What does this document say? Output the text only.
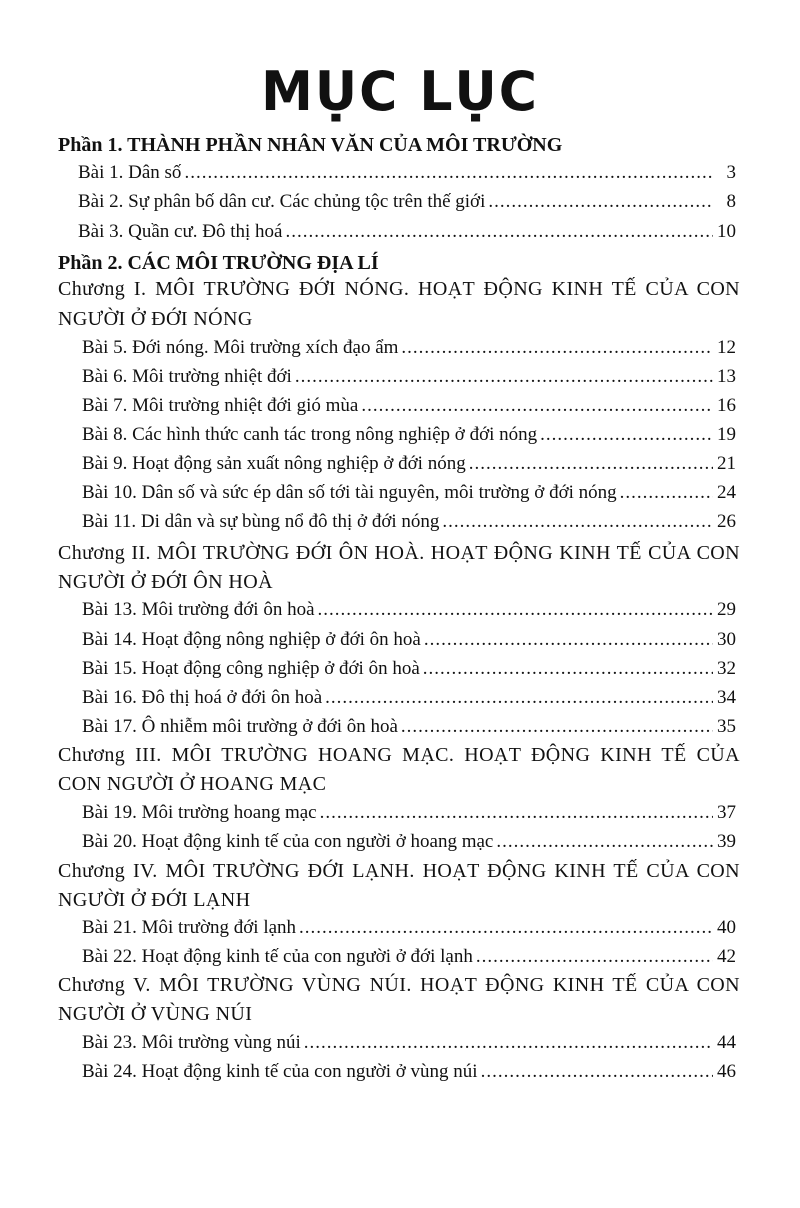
MỤC LỤC
Phần 1. THÀNH PHẦN NHÂN VĂN CỦA MÔI TRƯỜNG
Bài 1. Dân số .....	3
Bài 2. Sự phân bố dân cư. Các chủng tộc trên thế giới .....	8
Bài 3. Quần cư. Đô thị hoá .....	10
Phần 2. CÁC MÔI TRƯỜNG ĐỊA LÍ
Chương I. MÔI TRƯỜNG ĐỚI NÓNG. HOẠT ĐỘNG KINH TẾ CỦA CON
NGƯỜI Ở ĐỚI NÓNG
Bài 5. Đới nóng. Môi trường xích đạo ẩm .....	12
Bài 6. Môi trường nhiệt đới .....	13
Bài 7. Môi trường nhiệt đới gió mùa .....	16
Bài 8. Các hình thức canh tác trong nông nghiệp ở đới nóng .....	19
Bài 9. Hoạt động sản xuất nông nghiệp ở đới nóng .....	21
Bài 10. Dân số và sức ép dân số tới tài nguyên, môi trường ở đới nóng .....	24
Bài 11. Di dân và sự bùng nổ đô thị ở đới nóng .....	26
Chương II. MÔI TRƯỜNG ĐỚI ÔN HOÀ. HOẠT ĐỘNG KINH TẾ CỦA CON
NGƯỜI Ở ĐỚI ÔN HOÀ
Bài 13. Môi trường đới ôn hoà .....	29
Bài 14. Hoạt động nông nghiệp ở đới ôn hoà .....	30
Bài 15. Hoạt động công nghiệp ở đới ôn hoà .....	32
Bài 16. Đô thị hoá ở đới ôn hoà .....	34
Bài 17. Ô nhiễm môi trường ở đới ôn hoà .....	35
Chương III. MÔI TRƯỜNG HOANG MẠC. HOẠT ĐỘNG KINH TẾ CỦA
CON NGƯỜI Ở HOANG MẠC
Bài 19. Môi trường hoang mạc .....	37
Bài 20. Hoạt động kinh tế của con người ở hoang mạc .....	39
Chương IV. MÔI TRƯỜNG ĐỚI LẠNH. HOẠT ĐỘNG KINH TẾ CỦA CON
NGƯỜI Ở ĐỚI LẠNH
Bài 21. Môi trường đới lạnh .....	40
Bài 22. Hoạt động kinh tế của con người ở đới lạnh .....	42
Chương V. MÔI TRƯỜNG VÙNG NÚI. HOẠT ĐỘNG KINH TẾ CỦA CON
NGƯỜI Ở VÙNG NÚI
Bài 23. Môi trường vùng núi .....	44
Bài 24. Hoạt động kinh tế của con người ở vùng núi .....	46
